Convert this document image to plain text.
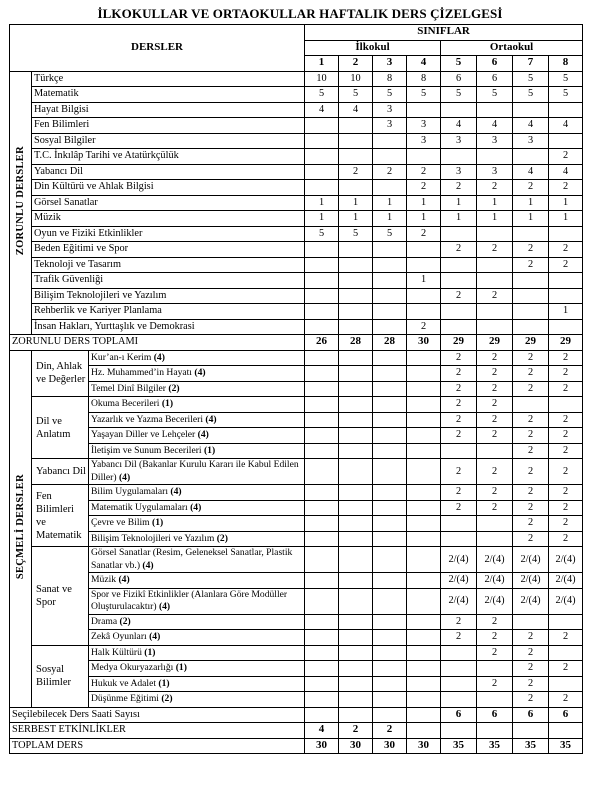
İLKOKULLAR VE ORTAOKULLAR HAFTALIK DERS ÇİZELGESİ
DERSLER			SINIFLAR							
			İlkokul				Ortaokul			
			1	2	3	4	5	6	7	8
ZORUNLU DERSLER	Türkçe		10	10	8	8	6	6	5	5
	Matematik		5	5	5	5	5	5	5	5
	Hayat Bilgisi		4	4	3					
	Fen Bilimleri				3	3	4	4	4	4
	Sosyal Bilgiler					3	3	3	3	
	T.C. İnkılâp Tarihi ve Atatürkçülük									2
	Yabancı Dil			2	2	2	3	3	4	4
	Din Kültürü ve Ahlak Bilgisi					2	2	2	2	2
	Görsel Sanatlar		1	1	1	1	1	1	1	1
	Müzik		1	1	1	1	1	1	1	1
	Oyun ve Fiziki Etkinlikler		5	5	5	2				
	Beden Eğitimi ve Spor						2	2	2	2
	Teknoloji ve Tasarım								2	2
	Trafik Güvenliği					1				
	Bilişim Teknolojileri ve Yazılım						2	2		
	Rehberlik ve Kariyer Planlama									1
	İnsan Hakları, Yurttaşlık ve Demokrasi					2				
ZORUNLU DERS TOPLAMI			26	28	28	30	29	29	29	29
SEÇMELİ DERSLER	Din, Ahlak ve Değerler	Kur’an-ı Kerim (4)					2	2	2	2
		Hz. Muhammed’in Hayatı (4)					2	2	2	2
		Temel Dinî Bilgiler (2)					2	2	2	2
	Dil ve Anlatım	Okuma Becerileri (1)					2	2		
		Yazarlık ve Yazma Becerileri (4)					2	2	2	2
		Yaşayan Diller ve Lehçeler (4)					2	2	2	2
		İletişim ve Sunum Becerileri (1)							2	2
	Yabancı Dil	Yabancı Dil (Bakanlar Kurulu Kararı ile Kabul Edilen Diller) (4)					2	2	2	2
	Fen Bilimleri ve Matematik	Bilim Uygulamaları (4)					2	2	2	2
		Matematik Uygulamaları (4)					2	2	2	2
		Çevre ve Bilim (1)							2	2
		Bilişim Teknolojileri ve Yazılım (2)							2	2
	Sanat ve Spor	Görsel Sanatlar (Resim, Geleneksel Sanatlar, Plastik Sanatlar vb.) (4)					2/(4)	2/(4)	2/(4)	2/(4)
		Müzik (4)					2/(4)	2/(4)	2/(4)	2/(4)
		Spor ve Fizikî Etkinlikler (Alanlara Göre Modüller Oluşturulacaktır) (4)					2/(4)	2/(4)	2/(4)	2/(4)
		Drama (2)					2	2		
		Zekâ Oyunları (4)					2	2	2	2
	Sosyal Bilimler	Halk Kültürü (1)						2	2	
		Medya Okuryazarlığı (1)							2	2
		Hukuk ve Adalet (1)						2	2	
		Düşünme Eğitimi (2)							2	2
Seçilebilecek Ders Saati Sayısı							6	6	6	6
SERBEST ETKİNLİKLER			4	2	2					
TOPLAM DERS			30	30	30	30	35	35	35	35
